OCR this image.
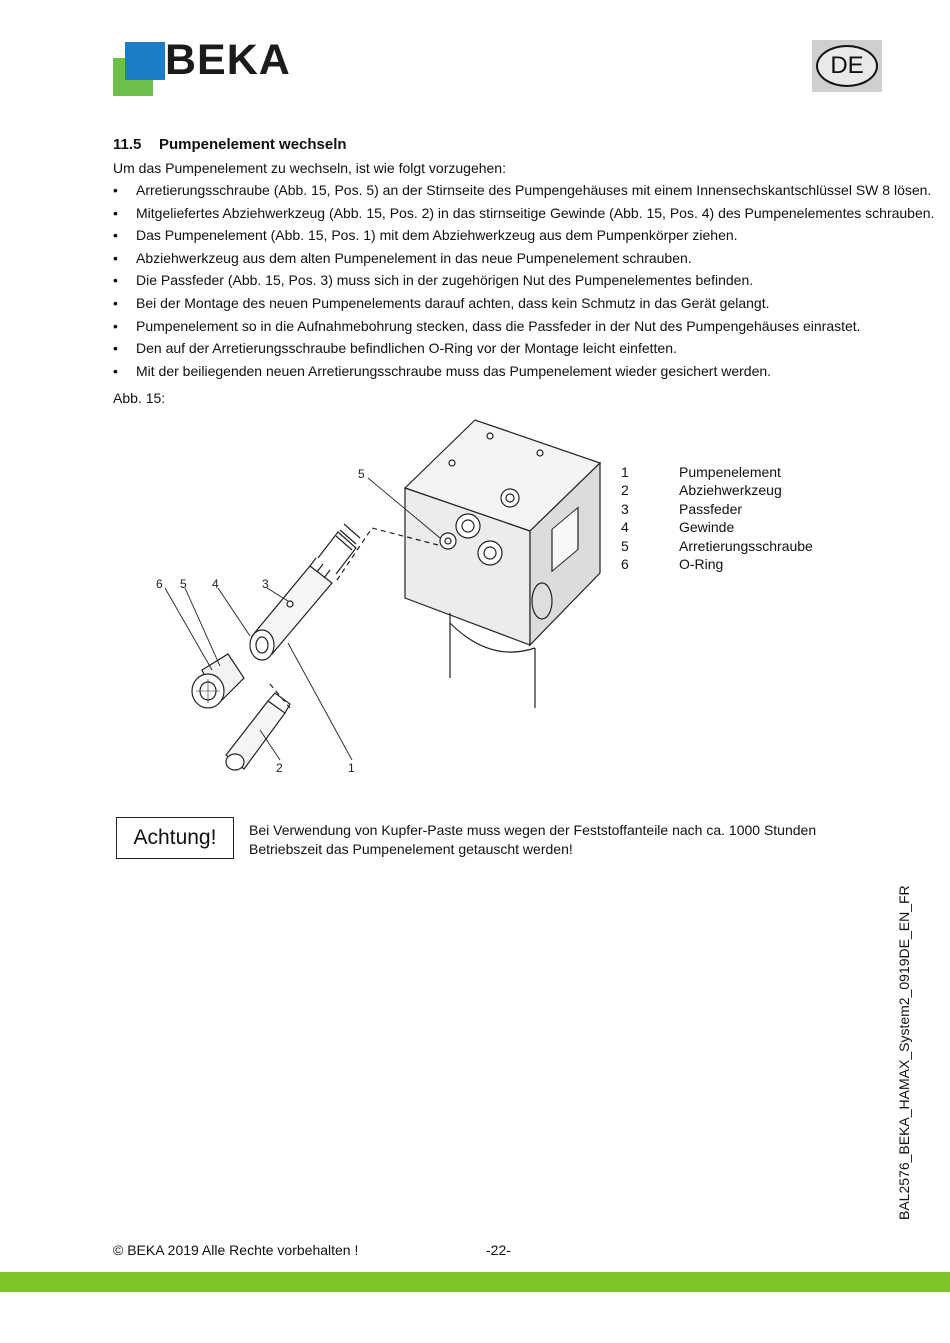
BEKA	DE
11.5 Pumpenelement wechseln
Um das Pumpenelement zu wechseln, ist wie folgt vorzugehen:
• Arretierungsschraube (Abb. 15, Pos. 5) an der Stirnseite des Pumpengehäuses mit einem Innensechskantschlüssel SW 8 lösen.
• Mitgeliefertes Abziehwerkzeug (Abb. 15, Pos. 2) in das stirnseitige Gewinde (Abb. 15, Pos. 4) des Pumpenelementes schrauben.
• Das Pumpenelement (Abb. 15, Pos. 1) mit dem Abziehwerkzeug aus dem Pumpenkörper ziehen.
• Abziehwerkzeug aus dem alten Pumpenelement in das neue Pumpenelement schrauben.
• Die Passfeder (Abb. 15, Pos. 3) muss sich in der zugehörigen Nut des Pumpenelementes befinden.
• Bei der Montage des neuen Pumpenelements darauf achten, dass kein Schmutz in das Gerät gelangt.
• Pumpenelement so in die Aufnahmebohrung stecken, dass die Passfeder in der Nut des Pumpengehäuses einrastet.
• Den auf der Arretierungsschraube befindlichen O-Ring vor der Montage leicht einfetten.
• Mit der beiliegenden neuen Arretierungsschraube muss das Pumpenelement wieder gesichert werden.
Abb. 15:
5
6 5 4	3
2	1
1	Pumpenelement
2	Abziehwerkzeug
3	Passfeder
4	Gewinde
5	Arretierungsschraube
6	O-Ring
Achtung!	Bei Verwendung von Kupfer-Paste muss wegen der Feststoffanteile nach ca. 1000 Stunden Betriebszeit das Pumpenelement getauscht werden!
BAL2576_BEKA_HAMAX_System2_0919DE_EN_FR
© BEKA 2019 Alle Rechte vorbehalten !	-22-
